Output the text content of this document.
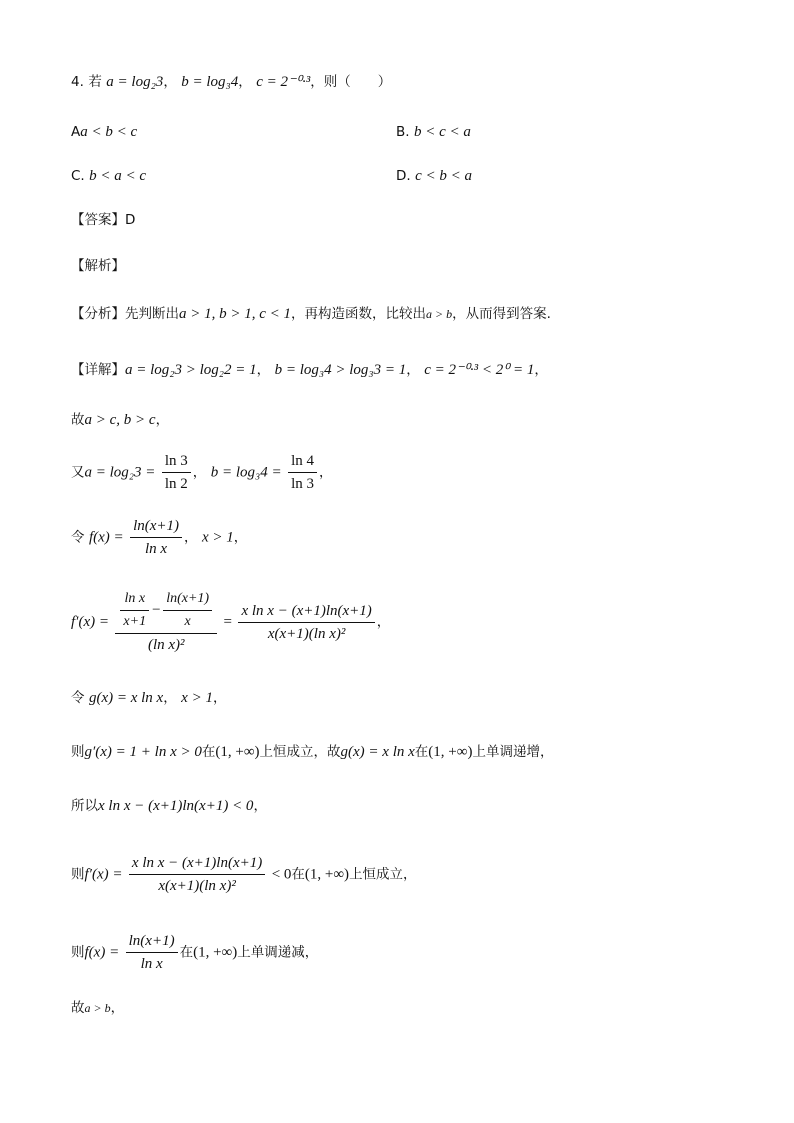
4. 若 a = log₂3， b = log₃4， c = 2⁻⁰·³，则（　　）
Aa < b < c	B. b < c < a
C. b < a < c	D. c < b < a
【答案】D
【解析】
【分析】先判断出a > 1, b > 1, c < 1，再构造函数，比较出a > b，从而得到答案.
【详解】a = log₂3 > log₂2 = 1， b = log₃4 > log₃3 = 1， c = 2⁻⁰·³ < 2⁰ = 1，
故a > c, b > c，
又$a = \log_23 = \frac{\ln 3}{\ln 2}$ ， $b = \log_34 = \frac{\ln 4}{\ln 3}$ ，
令 $f(x) = \frac{\ln(x+1)}{\text{ln x}}$ ， x > 1，
$f'(x) = \frac{\frac{\text{ln x}}{x+1} - \frac{\ln(x+1)}{x}}{\text{(ln x)²}} = \frac{\text{x ln x − (x+1)ln(x+1)}}{\text{x(x+1)(ln x)²}}$ ，
令 g(x) = x ln x， x > 1，
则g′(x) = 1 + ln x > 0在(1, +∞)上恒成立，故g(x) = x ln x在(1, +∞)上单调递增，
所以x ln x − (x+1)ln(x+1) < 0，
则$f'(x) = \frac{\text{x ln x − (x+1)ln(x+1)}}{\text{x(x+1)(ln x)²}} < 0$在(1, +∞)上恒成立，
则$f(x) = \frac{\ln(x+1)}{\text{ln x}}$ 在(1, +∞)上单调递减，
故a > b，
